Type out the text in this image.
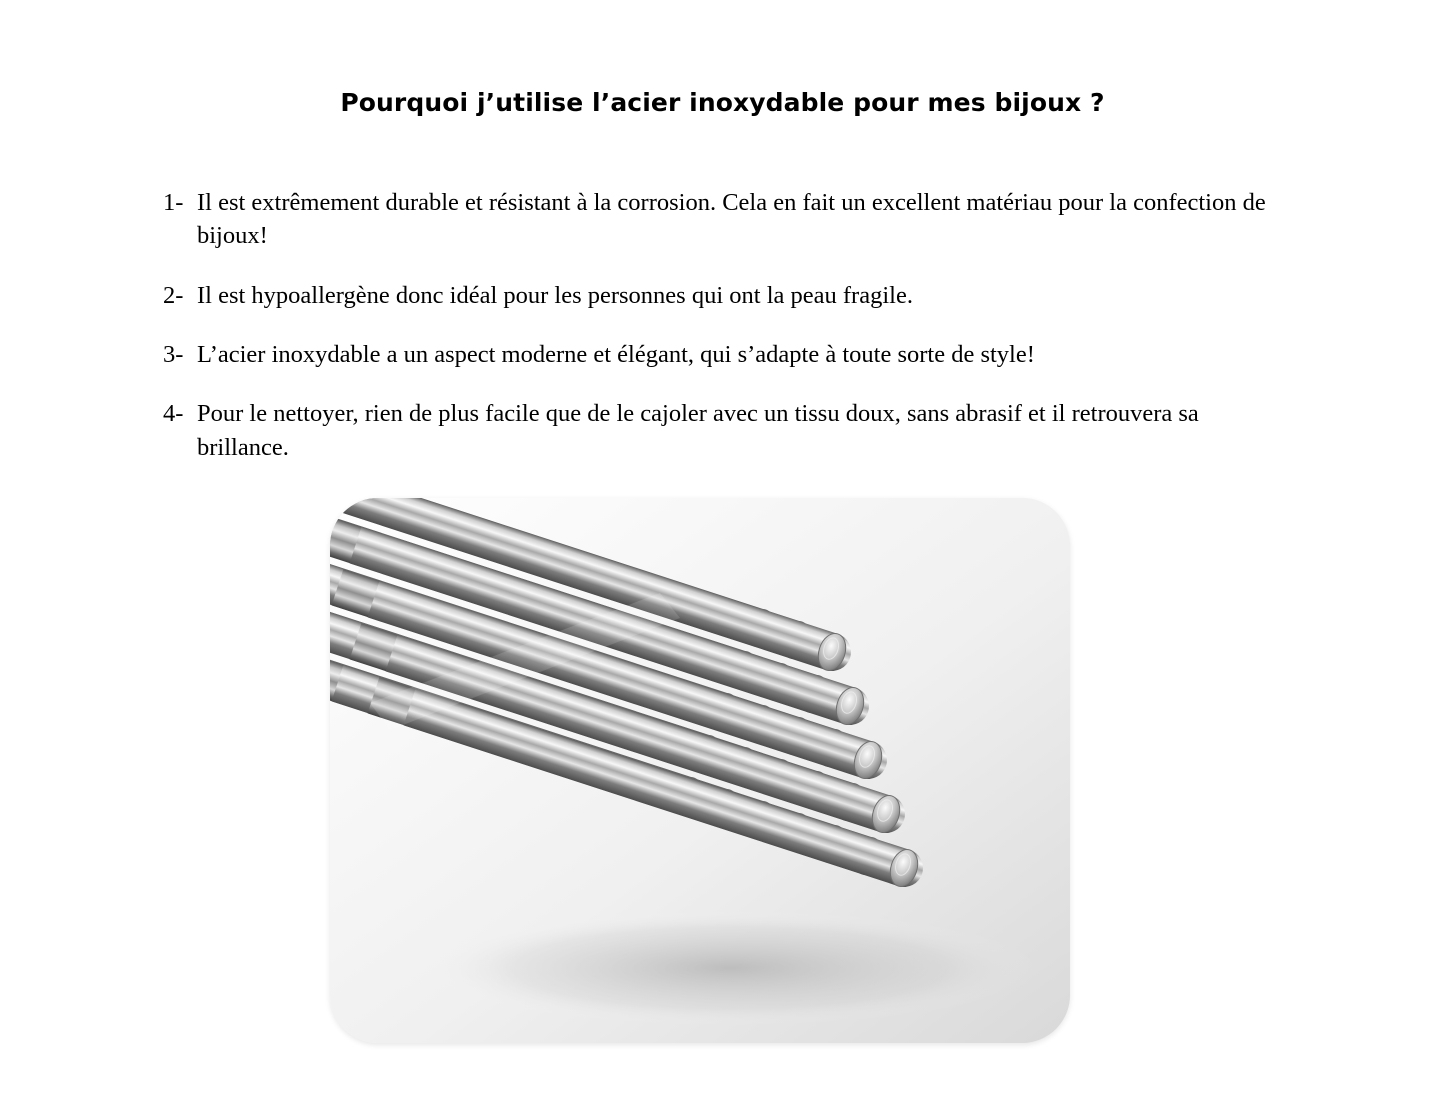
Pourquoi j’utilise l’acier inoxydable pour mes bijoux ?
1- Il est extrêmement durable et résistant à la corrosion. Cela en fait un excellent matériau pour la confection de bijoux!
2- Il est hypoallergène donc idéal pour les personnes qui ont la peau fragile.
3- L’acier inoxydable a un aspect moderne et élégant, qui s’adapte à toute sorte de style!
4- Pour le nettoyer, rien de plus facile que de le cajoler avec un tissu doux, sans abrasif et il retrouvera sa brillance.
